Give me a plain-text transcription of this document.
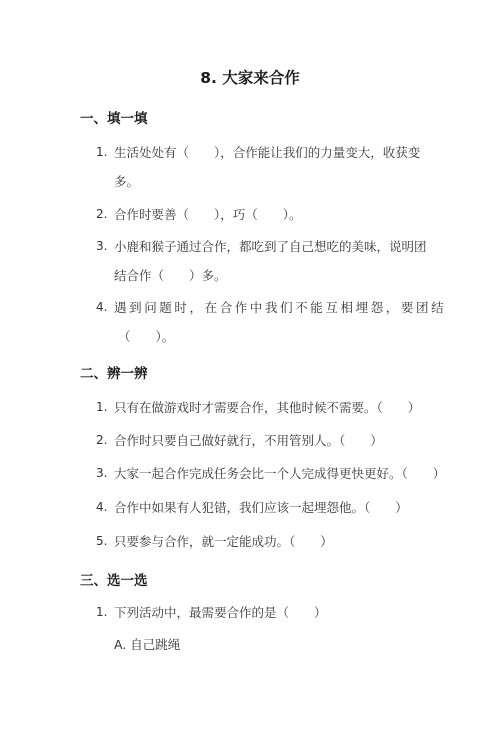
8. 大家来合作
一、填一填
1. 生活处处有（　　），合作能让我们的力量变大，收获变
多。
2. 合作时要善（　　），巧（　　）。
3. 小鹿和猴子通过合作，都吃到了自己想吃的美味，说明团
结合作（　　）多。
4. 遇到问题时，在合作中我们不能互相埋怨，要团结
（　　）。
二、辨一辨
1. 只有在做游戏时才需要合作，其他时候不需要。（　　）
2. 合作时只要自己做好就行，不用管别人。（　　）
3. 大家一起合作完成任务会比一个人完成得更快更好。（　　）
4. 合作中如果有人犯错，我们应该一起埋怨他。（　　）
5. 只要参与合作，就一定能成功。（　　）
三、选一选
1. 下列活动中，最需要合作的是（　　）
A. 自己跳绳
